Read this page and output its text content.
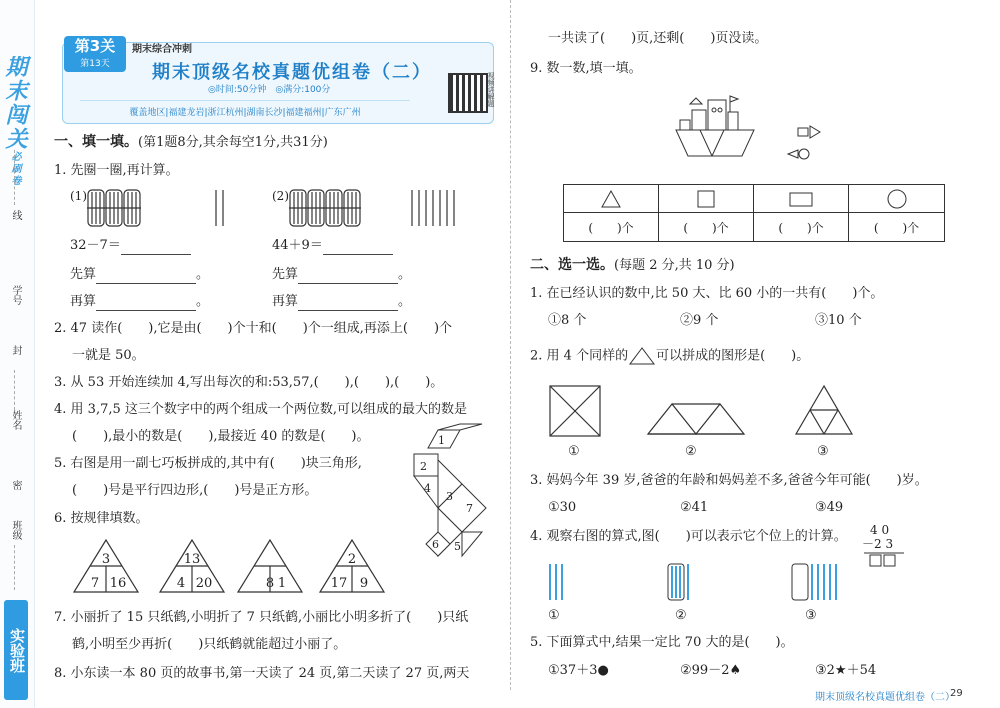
期末闯关必刷卷
线
学号
封
姓名
密
班级
实验班
第3关
第13天
期末综合冲刺
期末顶级名校真题优组卷（二）
◎时间:50分钟　◎满分:100分
覆盖地区|福建龙岩|浙江杭州|湖南长沙|福建福州|广东广州
视频讲解题
一、填一填。(第1题8分,其余每空1分,共31分)
1. 先圈一圈,再计算。
(1)	(2)
32－7＝	44＋9＝
先算	。	先算	。
再算	。	再算	。
2. 47 读作(　　),它是由(　　)个十和(　　)个一组成,再添上(　　)个
一就是 50。
3. 从 53 开始连续加 4,写出每次的和:53,57,(　　),(　　),(　　)。
4. 用 3,7,5 这三个数字中的两个组成一个两位数,可以组成的最大的数是
(　　),最小的数是(　　),最接近 40 的数是(　　)。
5. 右图是用一副七巧板拼成的,其中有(　　)块三角形,
(　　)号是平行四边形,(　　)号是正方形。
6. 按规律填数。
1
2
3
4
5
6
7
3
7 16
13
4 20	8 1
2
17 9
7. 小丽折了 15 只纸鹤,小明折了 7 只纸鹤,小丽比小明多折了(　　)只纸
鹤,小明至少再折(　　)只纸鹤就能超过小丽了。
8. 小东读一本 80 页的故事书,第一天读了 24 页,第二天读了 27 页,两天
一共读了(　　)页,还剩(　　)页没读。
9. 数一数,填一填。
(　　)个	(　　)个	(　　)个	(　　)个
二、选一选。(每题 2 分,共 10 分)
1. 在已经认识的数中,比 50 大、比 60 小的一共有(　　)个。
①8 个	②9 个	③10 个
2. 用 4 个同样的 可以拼成的图形是(　　)。
①	②	③
3. 妈妈今年 39 岁,爸爸的年龄和妈妈差不多,爸爸今年可能(　　)岁。
①30	②41	③49
4. 观察右图的算式,图(　　)可以表示它个位上的计算。 4 0
－2 3
①	②	③
5. 下面算式中,结果一定比 70 大的是(　　)。
①37＋3●	②99－2♠	③2★＋54
期末顶级名校真题优组卷（二）
29
